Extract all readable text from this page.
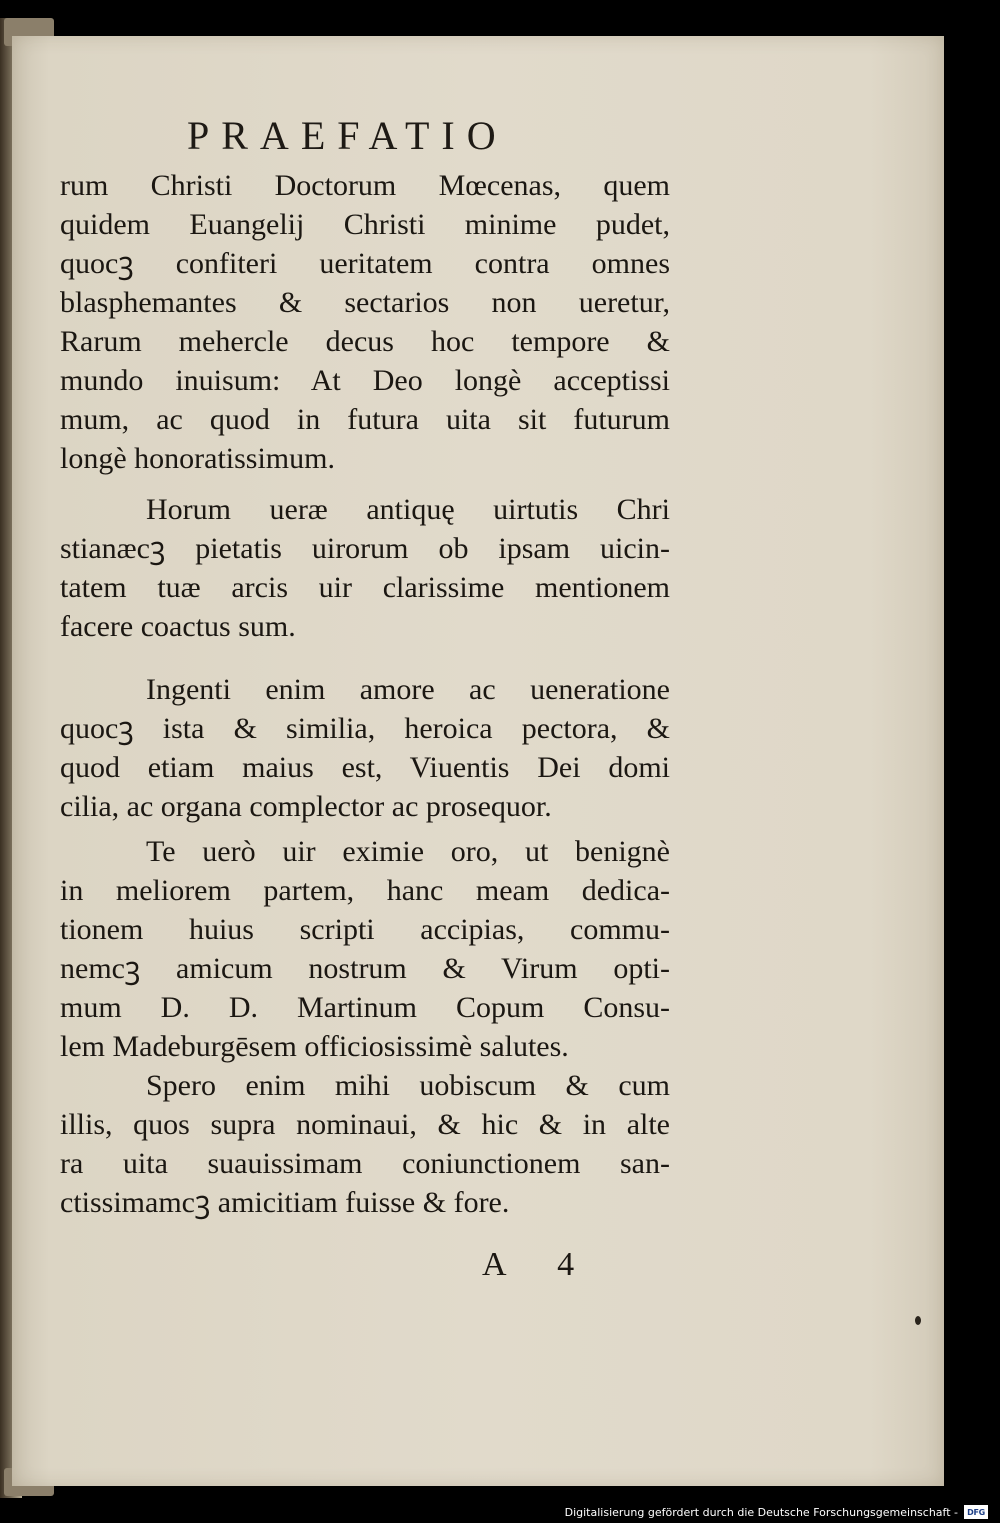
PRAEFATIO
rum Christi Doctorum Mœcenas, quem
quidem Euangelij Christi minime pudet,
quocꝫ confiteri ueritatem contra omnes
blasphemantes & sectarios non ueretur,
Rarum mehercle decus hoc tempore &
mundo inuisum: At Deo longè acceptissi
mum, ac quod in futura uita sit futurum
longè honoratissimum.
Horum ueræ antiquę uirtutis Chri
stianæcꝫ pietatis uirorum ob ipsam uicin-
tatem tuæ arcis uir clarissime mentionem
facere coactus sum.
Ingenti enim amore ac ueneratione
quocꝫ ista & similia, heroica pectora, &
quod etiam maius est, Viuentis Dei domi
cilia, ac organa complector ac prosequor.
Te uerò uir eximie oro, ut benignè
in meliorem partem, hanc meam dedica-
tionem huius scripti accipias, commu-
nemcꝫ amicum nostrum & Virum opti-
mum D. D. Martinum Copum Consu-
lem Madeburgēsem officiosissimè salutes.
Spero enim mihi uobiscum & cum
illis, quos supra nominaui, & hic & in alte
ra uita suauissimam coniunctionem san-
ctissimamcꝫ amicitiam fuisse & fore.
A 4
Digitalisierung gefördert durch die Deutsche Forschungsgemeinschaft -	DFG
